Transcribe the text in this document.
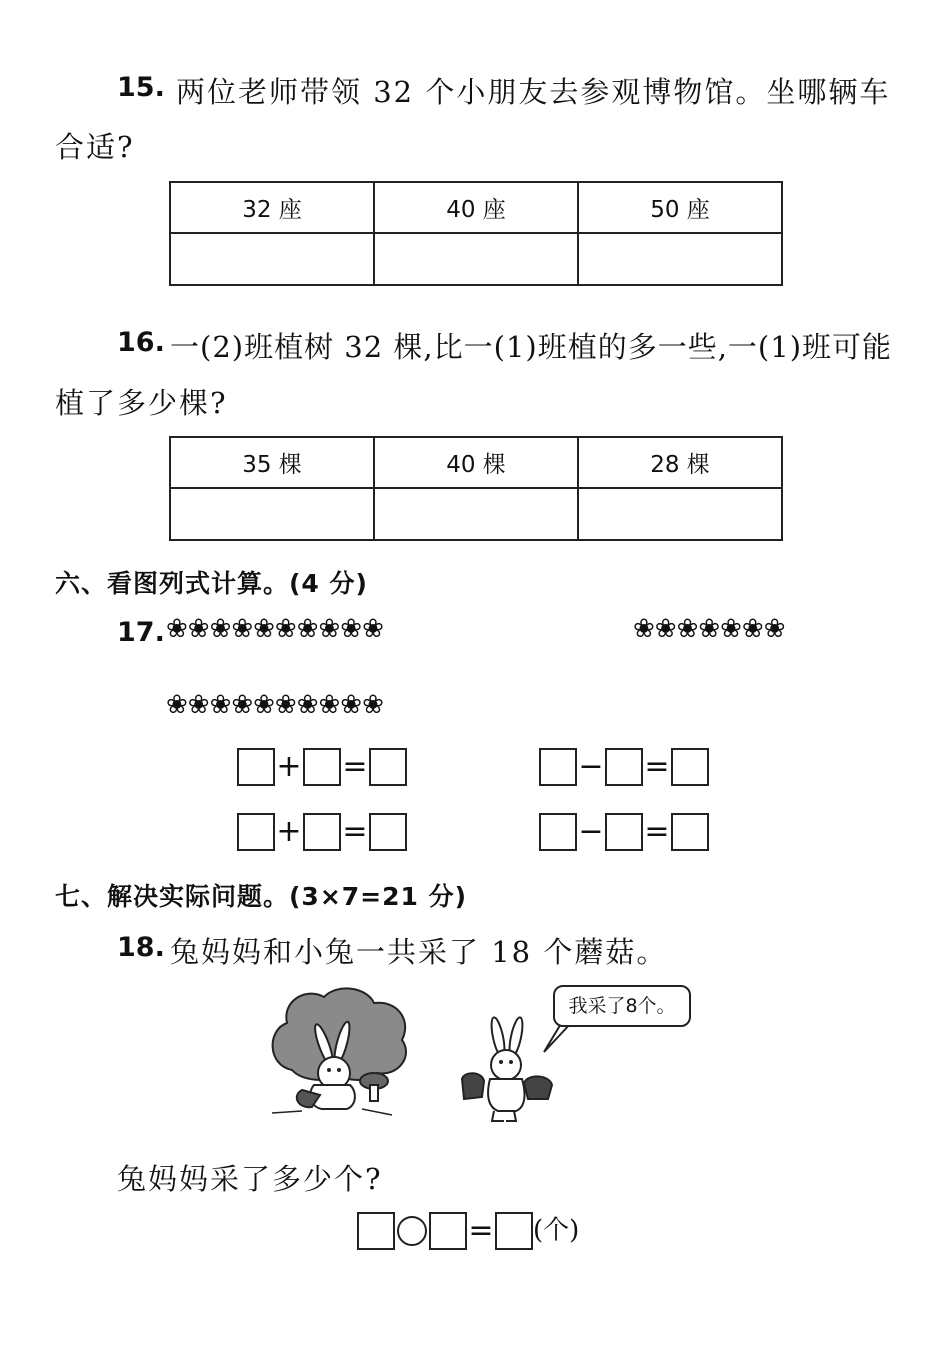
15. 两位老师带领 32 个小朋友去参观博物馆。坐哪辆车
合适?
32 座	40 座	50 座

16. 一(2)班植树 32 棵,比一(1)班植的多一些,一(1)班可能
植了多少棵?
35 棵	40 棵	28 棵

六、看图列式计算。(4 分)
17. ❀❀❀❀❀❀❀❀❀❀	❀❀❀❀❀❀❀
❀❀❀❀❀❀❀❀❀❀
+ =	− =
+ =	− =
七、解决实际问题。(3×7=21 分)
18. 兔妈妈和小兔一共采了 18 个蘑菇。
我采了8个。
兔妈妈采了多少个?
= (个)
